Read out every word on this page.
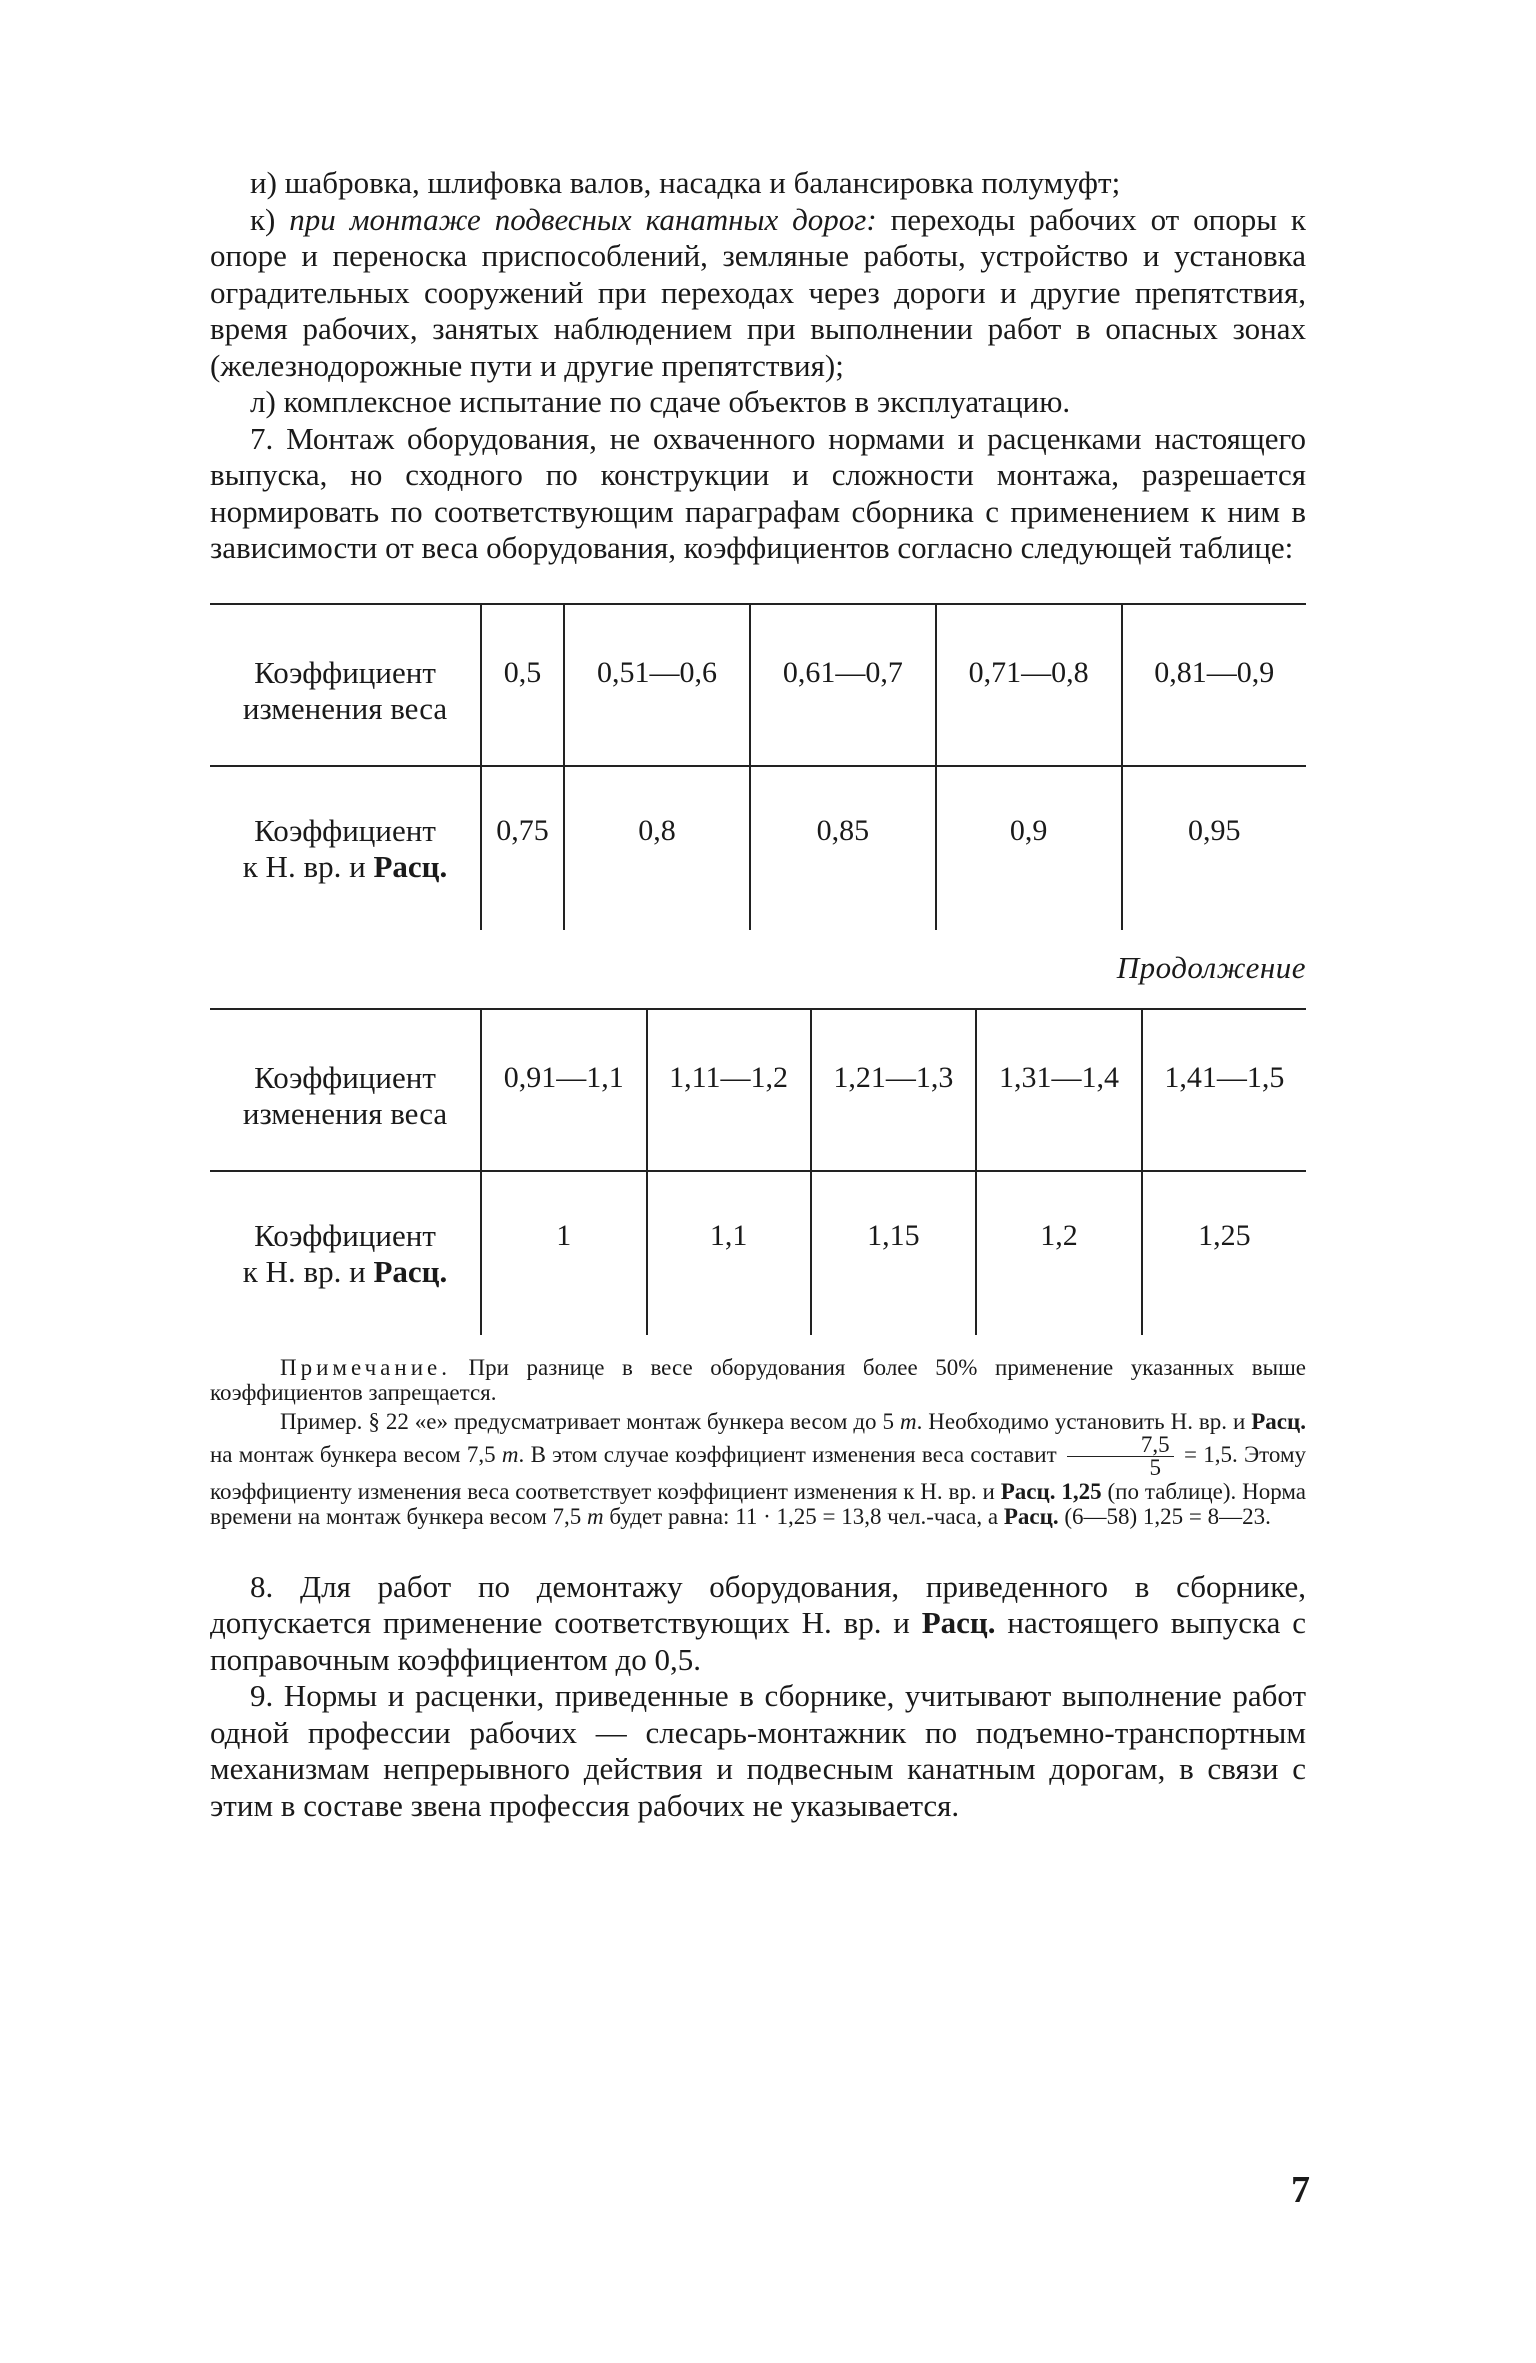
и) шабровка, шлифовка валов, насадка и балансировка полумуфт;

к) при монтаже подвесных канатных дорог: переходы рабочих от опоры к опоре и переноска приспособлений, земляные работы, устройство и установка оградительных сооружений при переходах через дороги и другие препятствия, время рабочих, занятых наблюдением при выполнении работ в опасных зонах (железнодорожные пути и другие препятствия);

л) комплексное испытание по сдаче объектов в эксплуатацию.

7. Монтаж оборудования, не охваченного нормами и расценками настоящего выпуска, но сходного по конструкции и сложности монтажа, разрешается нормировать по соответствующим параграфам сборника с применением к ним в зависимости от веса оборудования, коэффициентов согласно следующей таблице:

Коэффициент
изменения веса	0,5	0,51—0,6	0,61—0,7	0,71—0,8	0,81—0,9
Коэффициент
к Н. вр. и Расц.	0,75	0,8	0,85	0,9	0,95

Продолжение

Коэффициент
изменения веса	0,91—1,1	1,11—1,2	1,21—1,3	1,31—1,4	1,41—1,5
Коэффициент
к Н. вр. и Расц.	1	1,1	1,15	1,2	1,25

Примечание. При разнице в весе оборудования более 50% применение указанных выше коэффициентов запрещается.

Пример. § 22 «е» предусматривает монтаж бункера весом до 5 т. Необходимо установить Н. вр. и Расц. на монтаж бункера весом 7,5 т. В этом случае коэффициент изменения веса составит $\frac{7,5}{5} = 1,5$. Этому коэффициенту изменения веса соответствует коэффициент изменения к Н. вр. и Расц. 1,25 (по таблице). Норма времени на монтаж бункера весом 7,5 т будет равна: 11 · 1,25 = 13,8 чел.-часа, а Расц. (6—58) 1,25 = 8—23.

8. Для работ по демонтажу оборудования, приведенного в сборнике, допускается применение соответствующих Н. вр. и Расц. настоящего выпуска с поправочным коэффициентом до 0,5.

9. Нормы и расценки, приведенные в сборнике, учитывают выполнение работ одной профессии рабочих — слесарь-монтажник по подъемно-транспортным механизмам непрерывного действия и подвесным канатным дорогам, в связи с этим в составе звена профессия рабочих не указывается.

7
